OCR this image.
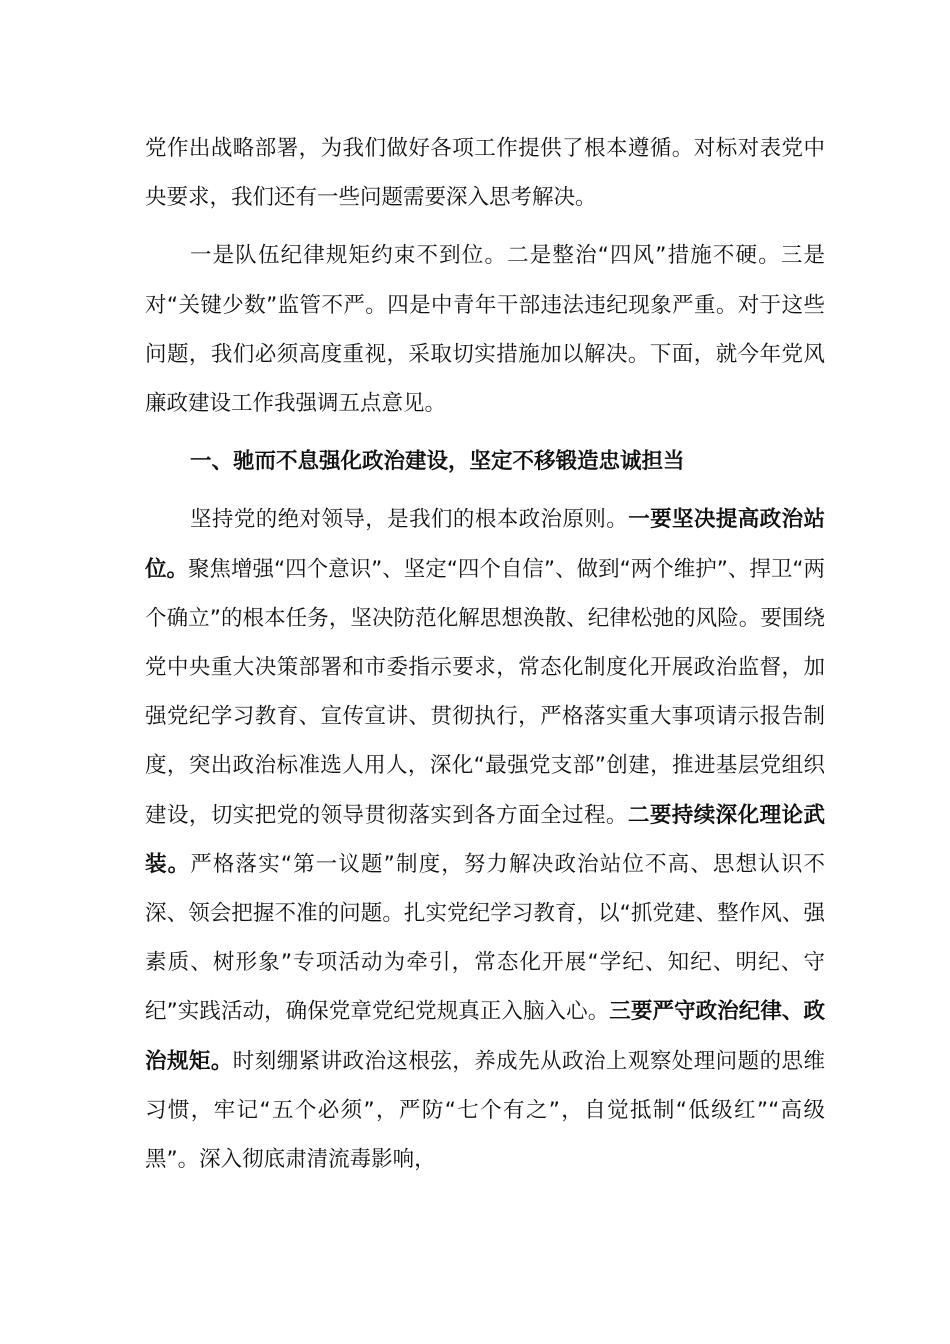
党作出战略部署，为我们做好各项工作提供了根本遵循。对标对表党中央要求，我们还有一些问题需要深入思考解决。

一是队伍纪律规矩约束不到位。二是整治“四风”措施不硬。三是对“关键少数”监管不严。四是中青年干部违法违纪现象严重。对于这些问题，我们必须高度重视，采取切实措施加以解决。下面，就今年党风廉政建设工作我强调五点意见。

一、驰而不息强化政治建设，坚定不移锻造忠诚担当

坚持党的绝对领导，是我们的根本政治原则。一要坚决提高政治站位。聚焦增强“四个意识”、坚定“四个自信”、做到“两个维护”、捍卫“两个确立”的根本任务，坚决防范化解思想涣散、纪律松弛的风险。要围绕党中央重大决策部署和市委指示要求，常态化制度化开展政治监督，加强党纪学习教育、宣传宣讲、贯彻执行，严格落实重大事项请示报告制度，突出政治标准选人用人，深化“最强党支部”创建，推进基层党组织建设，切实把党的领导贯彻落实到各方面全过程。二要持续深化理论武装。严格落实“第一议题”制度，努力解决政治站位不高、思想认识不深、领会把握不准的问题。扎实党纪学习教育，以“抓党建、整作风、强素质、树形象”专项活动为牵引，常态化开展“学纪、知纪、明纪、守纪”实践活动，确保党章党纪党规真正入脑入心。三要严守政治纪律、政治规矩。时刻绷紧讲政治这根弦，养成先从政治上观察处理问题的思维习惯，牢记“五个必须”，严防“七个有之”，自觉抵制“低级红”“高级黑”。深入彻底肃清流毒影响，
